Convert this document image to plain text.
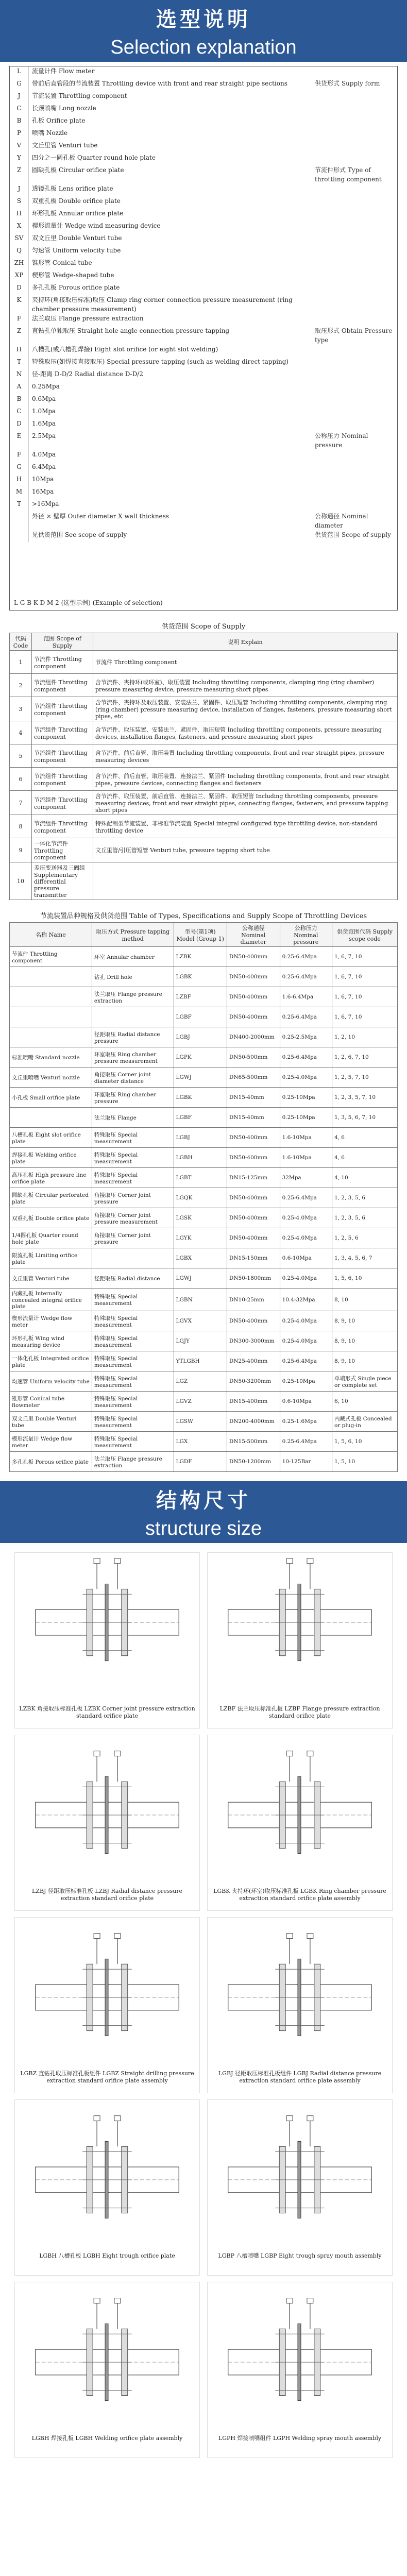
选型说明
Selection explanation
L	流量计件 Flow meter
G	带前后直管段的节流装置 Throttling device with front and rear straight pipe sections	供货形式 Supply form
J	节流装置 Throttling component
C	长颈喷嘴 Long nozzle
B	孔板 Orifice plate
P	喷嘴 Nozzle
V	文丘里管 Venturi tube
Y	四分之一圆孔板 Quarter round hole plate
Z	圆缺孔板 Circular orifice plate	节流件形式 Type of throttling component
J	透镜孔板 Lens orifice plate
S	双重孔板 Double orifice plate
H	环形孔板 Annular orifice plate
X	楔形流量计 Wedge wind measuring device
SV	双文丘里 Double Venturi tube
Q	匀速管 Uniform velocity tube
ZH	锥形管 Conical tube
XP	楔形管 Wedge-shaped tube
D	多孔孔板 Porous orifice plate
K	夹持环(角接取压标准)取压 Clamp ring corner connection pressure measurement (ring chamber pressure measurement)
F	法兰取压 Flange pressure extraction
Z	直钻孔单独取压 Straight hole angle connection pressure tapping	取压形式 Obtain Pressure type
H	八槽孔(或八槽孔焊接) Eight slot orifice (or eight slot welding)
T	特殊取压(如焊接直接取压) Special pressure tapping (such as welding direct tapping)
N	径-距离 D-D/2 Radial distance D-D/2
A	0.25Mpa
B	0.6Mpa
C	1.0Mpa
D	1.6Mpa
E	2.5Mpa	公称压力 Nominal pressure
F	4.0Mpa
G	6.4Mpa
H	10Mpa
M	16Mpa
T	>16Mpa
外径 × 壁厚 Outer diameter X wall thickness	公称通径 Nominal diameter
见供货范围 See scope of supply	供货范围 Scope of supply
L G B K D M 2 (选型示例) (Example of selection)
供货范围 Scope of Supply
代码 Code	范围 Scope of Supply	说明 Explain
1	节流件 Throttling component	节流件 Throttling component
2	节流组件 Throttling component	含节流件、夹持环(或环室)、取压装置 Including throttling components, clamping ring (ring chamber) pressure measuring device, pressure measuring short pipes
3	节流组件 Throttling component	含节流件、夹持环及取压装置、安装法兰、紧固件、取压短管 Including throttling components, clamping ring (ring chamber) pressure measuring device, installation of flanges, fasteners, pressure measuring short pipes, etc
4	节流组件 Throttling component	含节流件、取压装置、安装法兰、紧固件、取压短管 Including throttling components, pressure measuring devices, installation flanges, fasteners, and pressure measuring short pipes
5	节流组件 Throttling component	含节流件、前后直管、取压装置 Including throttling components, front and rear straight pipes, pressure measuring devices
6	节流组件 Throttling component	含节流件、前后直管、取压装置、连接法兰、紧固件 Including throttling components, front and rear straight pipes, pressure devices, connecting flanges and fasteners
7	节流组件 Throttling component	含节流件、取压装置、前后直管、连接法兰、紧固件、取压短管 Including throttling components, pressure measuring devices, front and rear straight pipes, connecting flanges, fasteners, and pressure tapping short pipes
8	节流组件 Throttling component	特殊配制型节流装置、非标准节流装置 Special integral configured type throttling device, non-standard throttling device
9	一体化节流件 Throttling component	文丘里管/引压管短管 Venturi tube, pressure tapping short tube
10	差压变送器及三阀组 Supplementary differential pressure transmitter	
节流装置品种规格及供货范围 Table of Types, Specifications and Supply Scope of Throttling Devices
名称 Name	取压方式 Pressure tapping method	型号(第1项) Model (Group 1)	公称通径 Nominal diameter	公称压力 Nominal pressure	供货范围代码 Supply scope code
节流件 Throttling component	环室 Annular chamber	LZBK	DN50-400mm	0.25-6.4Mpa	1, 6, 7, 10
	钻孔 Drill hole	LGBK	DN50-400mm	0.25-6.4Mpa	1, 6, 7, 10
	法兰取压 Flange pressure extraction	LZBF	DN50-400mm	1.6-6.4Mpa	1, 6, 7, 10
		LGBF	DN50-400mm	0.25-6.4Mpa	1, 6, 7, 10
	径距取压 Radial distance pressure	LGBJ	DN400-2000mm	0.25-2.5Mpa	1, 2, 10
标准喷嘴 Standard nozzle	环室取压 Ring chamber pressure measurement	LGPK	DN50-500mm	0.25-6.4Mpa	1, 2, 6, 7, 10
文丘里喷嘴 Venturi nozzle	角接取压 Corner joint diameter distance	LGWJ	DN65-500mm	0.25-4.0Mpa	1, 2, 5, 7, 10
小孔板 Small orifice plate	环室取压 Ring chamber pressure	LGBK	DN15-40mm	0.25-10Mpa	1, 2, 3, 5, 7, 10
	法兰取压 Flange	LGBF	DN15-40mm	0.25-10Mpa	1, 3, 5, 6, 7, 10
八槽孔板 Eight slot orifice plate	特殊取压 Special measurement	LGBJ	DN50-400mm	1.6-10Mpa	4, 6
焊接孔板 Welding orifice plate	特殊取压 Special measurement	LGBH	DN50-400mm	1.6-10Mpa	4, 6
高压孔板 High pressure line orifice plate	特殊取压 Special measurement	LGBT	DN15-125mm	32Mpa	4, 10
圆缺孔板 Circular perforated plate	角接取压 Corner joint pressure	LGQK	DN50-400mm	0.25-6.4Mpa	1, 2, 3, 5, 6
双重孔板 Double orifice plate	角接取压 Corner joint pressure measurement	LGSK	DN50-400mm	0.25-4.0Mpa	1, 2, 3, 5, 6
1/4圆孔板 Quarter round hole plate	角接取压 Corner joint pressure	LGYK	DN50-400mm	0.25-4.0Mpa	1, 2, 5, 6
限流孔板 Limiting orifice plate		LGBX	DN15-150mm	0.6-10Mpa	1, 3, 4, 5, 6, 7
文丘里管 Venturi tube	径距取压 Radial distance	LGWJ	DN50-1800mm	0.25-4.0Mpa	1, 5, 6, 10
内藏孔板 Internally concealed integral orifice plate	特殊取压 Special measurement	LGBN	DN10-25mm	10.4-32Mpa	8, 10
楔形流量计 Wedge flow meter	特殊取压 Special measurement	LGVX	DN50-400mm	0.25-4.0Mpa	8, 9, 10
环形孔板 Wing wind measuring device	特殊取压 Special measurement	LGJY	DN300-3000mm	0.25-4.0Mpa	8, 9, 10
一体化孔板 Integrated orifice plate	特殊取压 Special measurement	YTLGBH	DN25-400mm	0.25-6.4Mpa	8, 9, 10
均速管 Uniform velocity tube	特殊取压 Special measurement	LGZ	DN50-3200mm	0.25-10Mpa	单端形式 Single piece or complete set
锥形管 Conical tube flowmeter	特殊取压 Special measurement	LGVZ	DN15-400mm	0.6-10Mpa	6, 10
双文丘里 Double Venturi tube	特殊取压 Special measurement	LGSW	DN200-4000mm	0.25-1.6Mpa	内藏式孔板 Concealed or plug-in
楔形流量计 Wedge flow meter	特殊取压 Special measurement	LGX	DN15-500mm	0.25-6.4Mpa	1, 5, 6, 10
多孔孔板 Porous orifice plate	法兰取压 Flange pressure extraction	LGDF	DN50-1200mm	10-125Bar	1, 5, 10
结构尺寸
structure size
LZBK 角接取压标准孔板 LZBK Corner joint pressure extraction standard orifice plate
LZBF 法兰取压标准孔板 LZBF Flange pressure extraction standard orifice plate
LZBJ 径距取压标准孔板 LZBJ Radial distance pressure extraction standard orifice plate
LGBK 夹持环(环室)取压标准孔板 LGBK Ring chamber pressure extraction standard orifice plate assembly
LGBZ 直钻孔取压标准孔板组件 LGBZ Straight drilling pressure extraction standard orifice plate assembly
LGBJ 径距取压标准孔板组件 LGBJ Radial distance pressure extraction standard orifice plate assembly
LGBH 八槽孔板 LGBH Eight trough orifice plate	LGBP 八槽喷嘴 LGBP Eight trough spray mouth assembly
LGBH 焊接孔板 LGBH Welding orifice plate assembly	LGPH 焊接喷嘴组件 LGPH Welding spray mouth assembly
